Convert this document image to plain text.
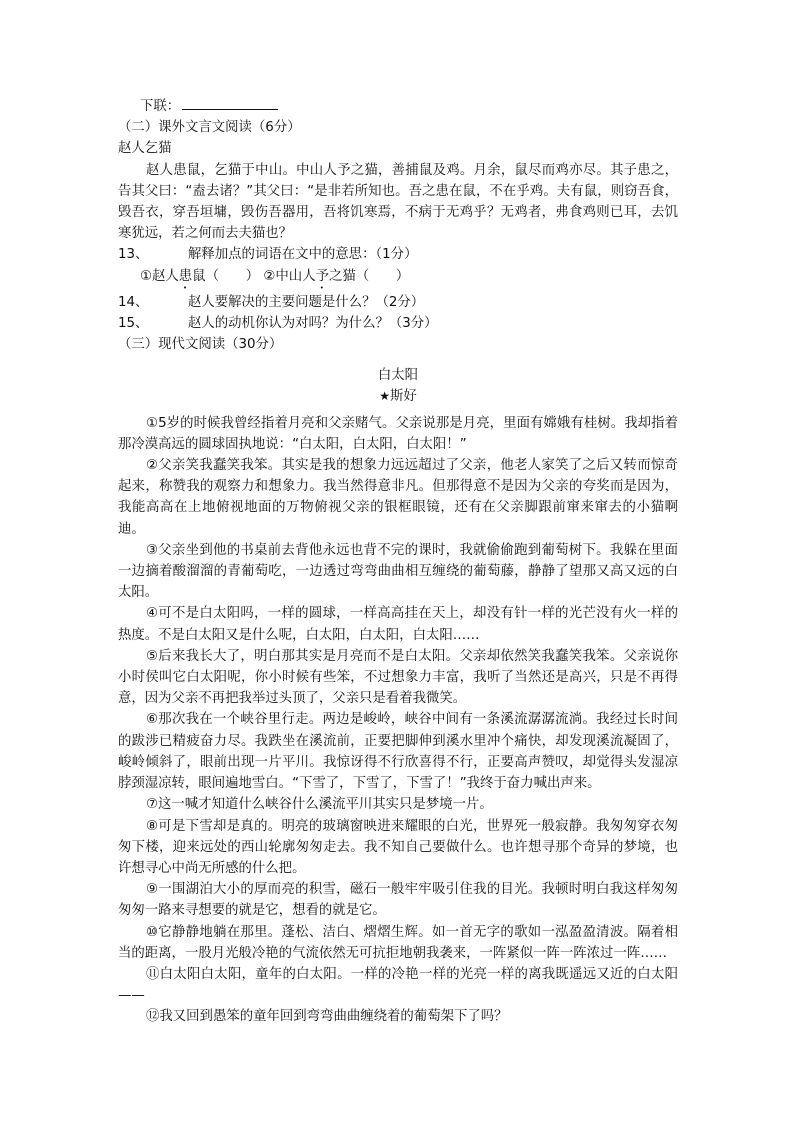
下联：
（二）课外文言文阅读（6分）
赵人乞猫

赵人患鼠，乞猫于中山。中山人予之猫，善捕鼠及鸡。月余，鼠尽而鸡亦尽。其子患之，告其父曰：“盍去诸？”其父曰：“是非若所知也。吾之患在鼠，不在乎鸡。夫有鼠，则窃吾食，毁吾衣，穿吾垣墉，毁伤吾器用，吾将饥寒焉，不病于无鸡乎？无鸡者，弗食鸡则已耳，去饥寒犹远，若之何而去夫猫也？

13、	解释加点的词语在文中的意思：（1分）
①赵人患鼠（　　） ②中山人予之猫（　　）
14、	赵人要解决的主要问题是什么？（2分）
15、	赵人的动机你认为对吗？为什么？（3分）
（三）现代文阅读（30分）
白太阳
★斯好

①5岁的时候我曾经指着月亮和父亲赌气。父亲说那是月亮，里面有嫦娥有桂树。我却指着那冷漠高远的圆球固执地说：“白太阳，白太阳，白太阳！”

②父亲笑我蠢笑我笨。其实是我的想象力远远超过了父亲，他老人家笑了之后又转而惊奇起来，称赞我的观察力和想象力。我当然得意非凡。但那得意不是因为父亲的夸奖而是因为，我能高高在上地俯视地面的万物俯视父亲的银框眼镜，还有在父亲脚跟前窜来窜去的小猫啊迪。

③父亲坐到他的书桌前去背他永远也背不完的课时，我就偷偷跑到葡萄树下。我躲在里面一边摘着酸溜溜的青葡萄吃，一边透过弯弯曲曲相互缠绕的葡萄藤，静静了望那又高又远的白太阳。

④可不是白太阳吗，一样的圆球，一样高高挂在天上，却没有针一样的光芒没有火一样的热度。不是白太阳又是什么呢，白太阳，白太阳，白太阳……

⑤后来我长大了，明白那其实是月亮而不是白太阳。父亲却依然笑我蠢笑我笨。父亲说你小时侯叫它白太阳呢，你小时候有些笨，不过想象力丰富，我听了当然还是高兴，只是不再得意，因为父亲不再把我举过头顶了，父亲只是看着我微笑。

⑥那次我在一个峡谷里行走。两边是峻岭，峡谷中间有一条溪流潺潺流淌。我经过长时间的跋涉已精疲奋力尽。我跌坐在溪流前，正要把脚伸到溪水里冲个痛快，却发现溪流凝固了，峻岭倾斜了，眼前出现一片平川。我惊讶得不行欣喜得不行，正要高声赞叹，却觉得头发湿凉脖颈湿凉转，眼间遍地雪白。“下雪了，下雪了，下雪了！”我终于奋力喊出声来。

⑦这一喊才知道什么峡谷什么溪流平川其实只是梦境一片。

⑧可是下雪却是真的。明亮的玻璃窗映进来耀眼的白光，世界死一般寂静。我匆匆穿衣匆匆下楼，迎来远处的西山轮廓匆匆走去。我不知自己要做什么。也许想寻那个奇异的梦境，也许想寻心中尚无所感的什么把。

⑨一围湖泊大小的厚而亮的积雪，磁石一般牢牢吸引住我的目光。我顿时明白我这样匆匆匆匆一路来寻想要的就是它，想看的就是它。

⑩它静静地躺在那里。蓬松、洁白、熠熠生辉。如一首无字的歌如一泓盈盈清波。隔着相当的距离，一股月光般冷艳的气流依然无可抗拒地朝我袭来，一阵紧似一阵一阵浓过一阵……

⑪白太阳白太阳，童年的白太阳。一样的冷艳一样的光亮一样的离我既遥远又近的白太阳——

⑫我又回到愚笨的童年回到弯弯曲曲缠绕着的葡萄架下了吗？
